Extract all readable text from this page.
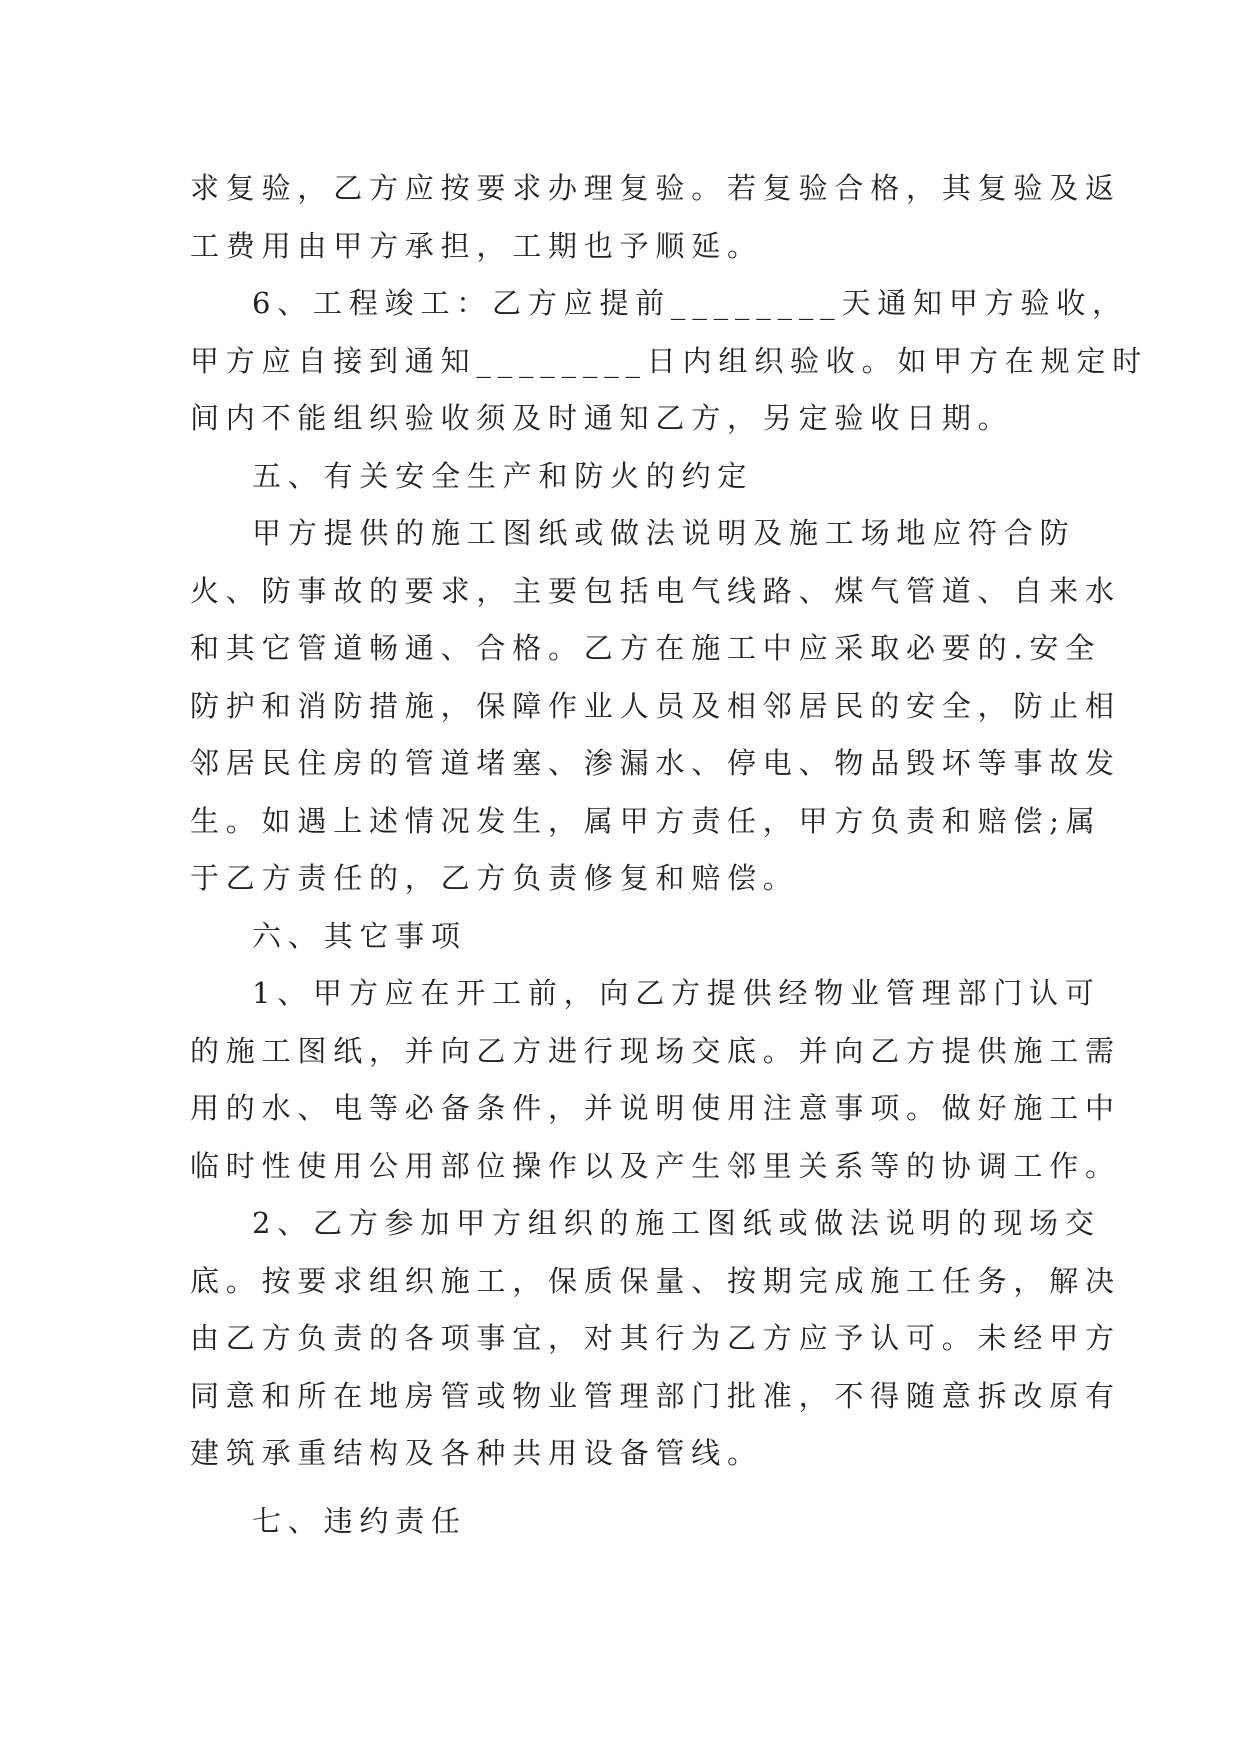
求复验，乙方应按要求办理复验。若复验合格，其复验及返
工费用由甲方承担，工期也予顺延。
6、工程竣工：乙方应提前________天通知甲方验收，
甲方应自接到通知________日内组织验收。如甲方在规定时
间内不能组织验收须及时通知乙方，另定验收日期。
五、有关安全生产和防火的约定
甲方提供的施工图纸或做法说明及施工场地应符合防
火、防事故的要求，主要包括电气线路、煤气管道、自来水
和其它管道畅通、合格。乙方在施工中应采取必要的.安全
防护和消防措施，保障作业人员及相邻居民的安全，防止相
邻居民住房的管道堵塞、渗漏水、停电、物品毁坏等事故发
生。如遇上述情况发生，属甲方责任，甲方负责和赔偿;属
于乙方责任的，乙方负责修复和赔偿。
六、其它事项
1、甲方应在开工前，向乙方提供经物业管理部门认可
的施工图纸，并向乙方进行现场交底。并向乙方提供施工需
用的水、电等必备条件，并说明使用注意事项。做好施工中
临时性使用公用部位操作以及产生邻里关系等的协调工作。
2、乙方参加甲方组织的施工图纸或做法说明的现场交
底。按要求组织施工，保质保量、按期完成施工任务，解决
由乙方负责的各项事宜，对其行为乙方应予认可。未经甲方
同意和所在地房管或物业管理部门批准，不得随意拆改原有
建筑承重结构及各种共用设备管线。
七、违约责任
